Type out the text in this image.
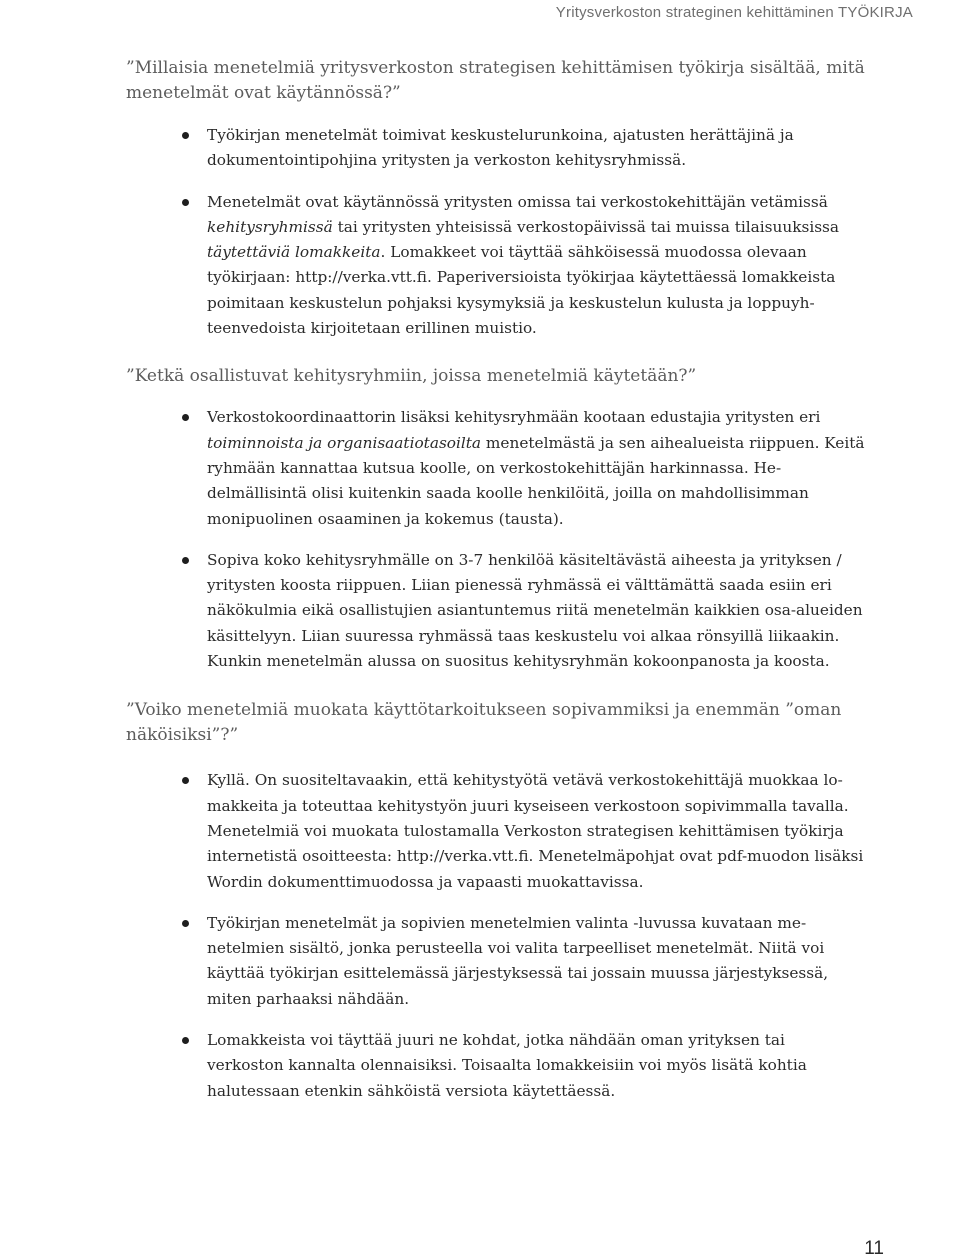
Yritysverkoston strateginen kehittäminen TYÖKIRJA
”Millaisia menetelmiä yritysverkoston strategisen kehittämisen työkirja sisältää, mitä menetelmät ovat käytännössä?”
Työkirjan menetelmät toimivat keskustelurunkoina, ajatusten herättäjinä ja dokumentointipohjina yritysten ja verkoston kehitysryhmissä.
Menetelmät ovat käytännössä yritysten omissa tai verkostokehittäjän vetämissä kehitysryhmissä tai yritysten yhteisissä verkostopäivissä tai muissa tilaisuuksissa täytettäviä lomakkeita. Lomakkeet voi täyttää sähköisessä muodossa olevaan työkirjaan: http://verka.vtt.fi. Paperiversioista työkirjaa käytettäessä lomakkeista poimitaan keskustelun pohjaksi kysymyksiä ja keskustelun kulusta ja loppuyhteenvedoista kirjoitetaan erillinen muistio.
”Ketkä osallistuvat kehitysryhmiin, joissa menetelmiä käytetään?”
Verkostokoordinaattorin lisäksi kehitysryhmään kootaan edustajia yritysten eri toiminnoista ja organisaatiotasoilta menetelmästä ja sen aihealueista riippuen. Keitä ryhmään kannattaa kutsua koolle, on verkostokehittäjän harkinnassa. Hedelmällisintä olisi kuitenkin saada koolle henkilöitä, joilla on mahdollisimman monipuolinen osaaminen ja kokemus (tausta).
Sopiva koko kehitysryhmälle on 3-7 henkilöä käsiteltävästä aiheesta ja yrityksen / yritysten koosta riippuen. Liian pienessä ryhmässä ei välttämättä saada esiin eri näkökulmia eikä osallistujien asiantuntemus riitä menetelmän kaikkien osa-alueiden käsittelyyn. Liian suuressa ryhmässä taas keskustelu voi alkaa rönsyillä liikaakin. Kunkin menetelmän alussa on suositus kehitysryhmän kokoonpanosta ja koosta.
”Voiko menetelmiä muokata käyttötarkoitukseen sopivammiksi ja enemmän ”oman näköisiksi”?”
Kyllä. On suositeltavaakin, että kehitystyötä vetävä verkostokehittäjä muokkaa lomakkeita ja toteuttaa kehitystyön juuri kyseiseen verkostoon sopivimmalla tavalla. Menetelmiä voi muokata tulostamalla Verkoston strategisen kehittämisen työkirja internetistä osoitteesta: http://verka.vtt.fi. Menetelmäpohjat ovat pdf-muodon lisäksi Wordin dokumenttimuodossa ja vapaasti muokattavissa.
Työkirjan menetelmät ja sopivien menetelmien valinta -luvussa kuvataan menetelmien sisältö, jonka perusteella voi valita tarpeelliset menetelmät. Niitä voi käyttää työkirjan esittelemässä järjestyksessä tai jossain muussa järjestyksessä, miten parhaaksi nähdään.
Lomakkeista voi täyttää juuri ne kohdat, jotka nähdään oman yrityksen tai verkoston kannalta olennaisiksi. Toisaalta lomakkeisiin voi myös lisätä kohtia halutessaan etenkin sähköistä versiota käytettäessä.
11
